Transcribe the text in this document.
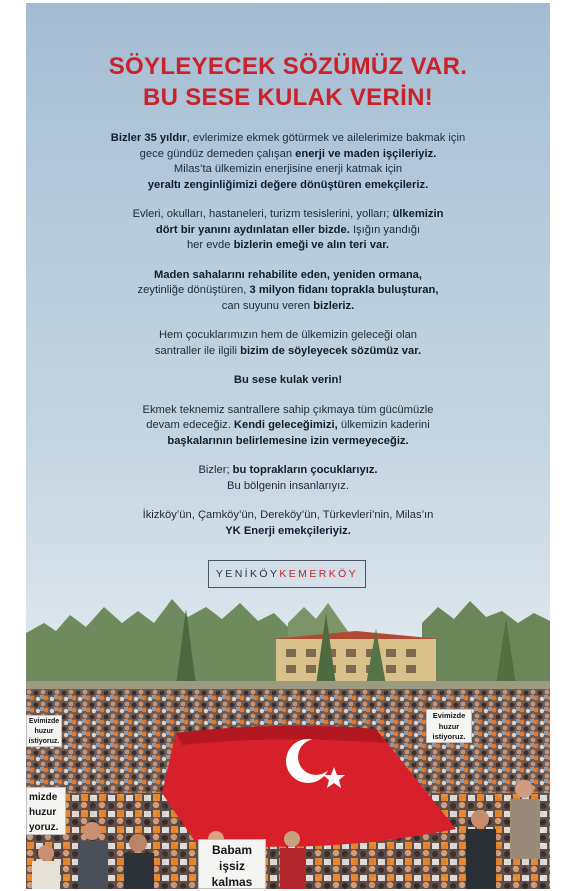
SÖYLEYECEK SÖZÜMÜZ VAR.
BU SESE KULAK VERİN!

Bizler 35 yıldır, evlerimize ekmek götürmek ve ailelerimize bakmak için
gece gündüz demeden çalışan enerji ve maden işçileriyiz.
Milas’ta ülkemizin enerjisine enerji katmak için
yeraltı zenginliğimizi değere dönüştüren emekçileriz.

Evleri, okulları, hastaneleri, turizm tesislerini, yolları; ülkemizin
dört bir yanını aydınlatan eller bizde. Işığın yandığı
her evde bizlerin emeği ve alın teri var.

Maden sahalarını rehabilite eden, yeniden ormana,
zeytinliğe dönüştüren, 3 milyon fidanı toprakla buluşturan,
can suyunu veren bizleriz.

Hem çocuklarımızın hem de ülkemizin geleceği olan
santraller ile ilgili bizim de söyleyecek sözümüz var.

Bu sese kulak verin!

Ekmek teknemiz santrallere sahip çıkmaya tüm gücümüzle
devam edeceğiz. Kendi geleceğimizi, ülkemizin kaderini
başkalarının belirlemesine izin vermeyeceğiz.

Bizler; bu toprakların çocuklarıyız.
Bu bölgenin insanlarıyız.

İkizköy’ün, Çamköy’ün, Dereköy’ün, Türkevleri’nin, Milas’ın
YK Enerji emekçileriyiz.

YENİKÖY KEMERKÖY
Evimizde
huzur
istiyoruz.
Evimizde
huzur
istiyoruz.
mizde
huzur
yoruz.
Babam
işsiz
kalmas
